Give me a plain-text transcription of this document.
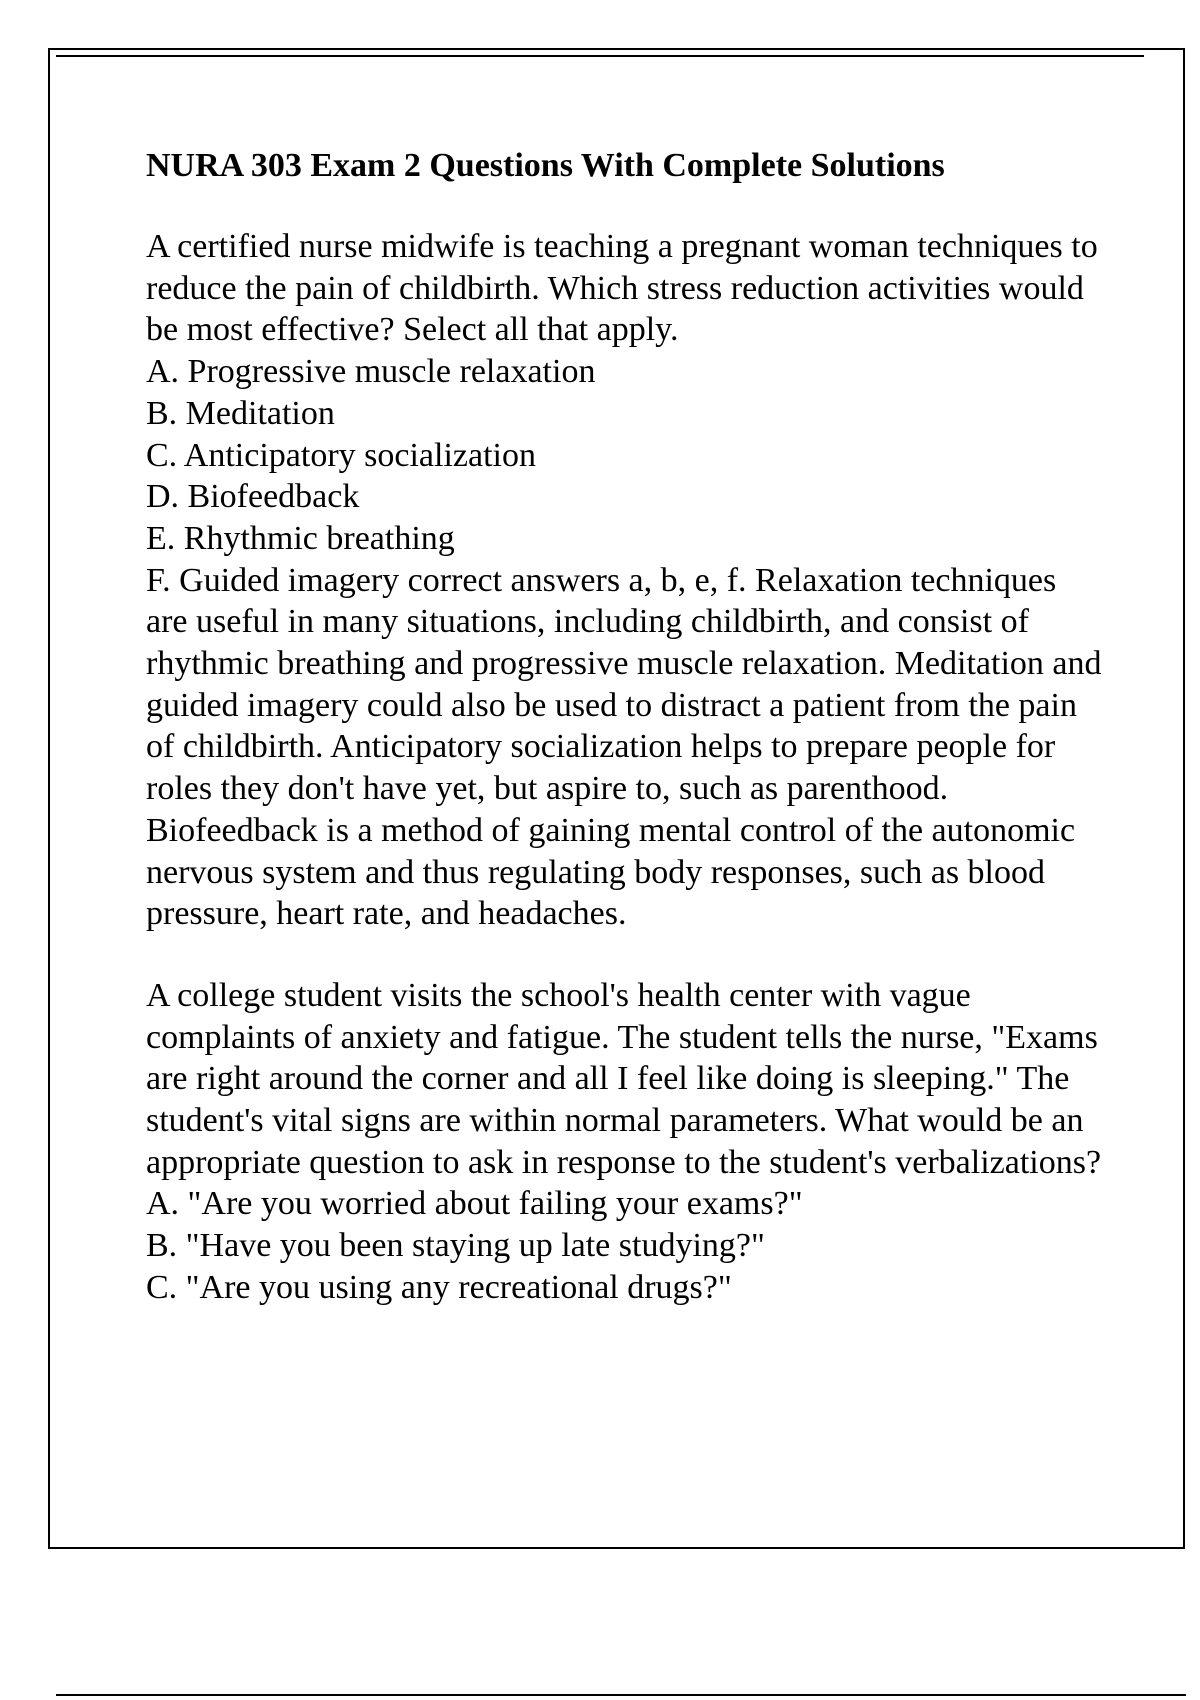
NURA 303 Exam 2 Questions With Complete Solutions

A certified nurse midwife is teaching a pregnant woman techniques to reduce the pain of childbirth. Which stress reduction activities would be most effective? Select all that apply.

A. Progressive muscle relaxation

B. Meditation

C. Anticipatory socialization

D. Biofeedback

E. Rhythmic breathing

F. Guided imagery correct answers a, b, e, f. Relaxation techniques are useful in many situations, including childbirth, and consist of rhythmic breathing and progressive muscle relaxation. Meditation and guided imagery could also be used to distract a patient from the pain of childbirth. Anticipatory socialization helps to prepare people for roles they don't have yet, but aspire to, such as parenthood. Biofeedback is a method of gaining mental control of the autonomic nervous system and thus regulating body responses, such as blood pressure, heart rate, and headaches.

A college student visits the school's health center with vague complaints of anxiety and fatigue. The student tells the nurse, "Exams are right around the corner and all I feel like doing is sleeping." The student's vital signs are within normal parameters. What would be an appropriate question to ask in response to the student's verbalizations?

A. "Are you worried about failing your exams?"

B. "Have you been staying up late studying?"

C. "Are you using any recreational drugs?"
